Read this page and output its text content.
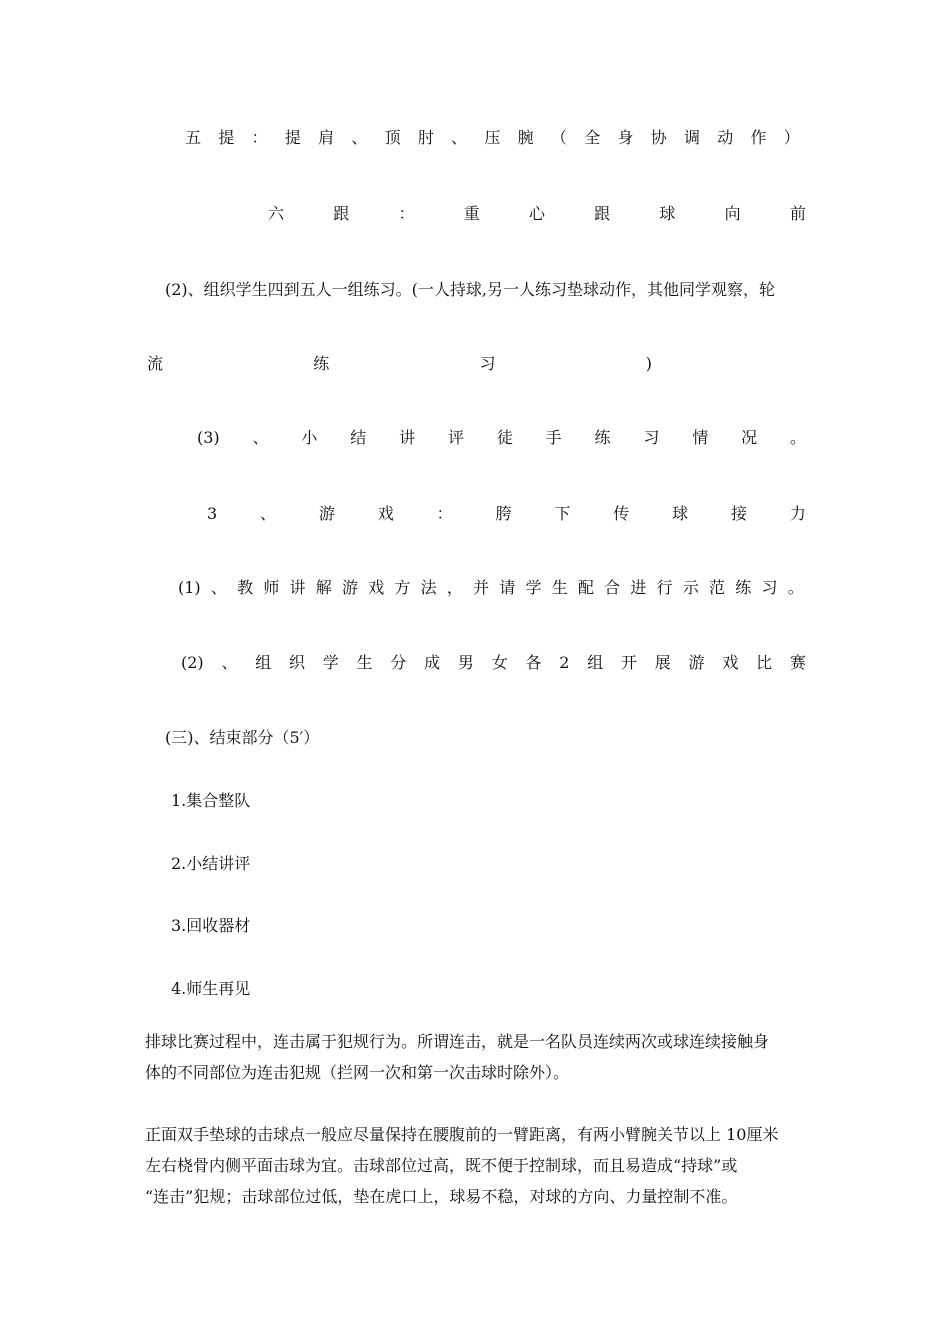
五 提 ： 提 肩 、 顶 肘 、 压 腕 （ 全 身 协 调 动 作 ）
六	跟	：	重	心	跟	球	向	前
(2)、组织学生四到五人一组练习。(一人持球,另一人练习垫球动作，其他同学观察，轮
流	练	习	)
(3) 、 小 结 讲 评 徒 手 练 习 情 况 。
3	、	游	戏	：	胯	下	传	球	接	力
(1) 、 教 师 讲 解 游 戏 方 法 ， 并 请 学 生 配 合 进 行 示 范 练 习 。
(2) 、 组 织 学 生 分 成 男 女 各 2 组 开 展 游 戏 比 赛
(三)、结束部分（5′）
1.集合整队
2.小结讲评
3.回收器材
4.师生再见
排球比赛过程中，连击属于犯规行为。所谓连击，就是一名队员连续两次或球连续接触身
体的不同部位为连击犯规（拦网一次和第一次击球时除外）。
正面双手垫球的击球点一般应尽量保持在腰腹前的一臂距离，有两小臂腕关节以上 10厘米
左右桡骨内侧平面击球为宜。击球部位过高，既不便于控制球，而且易造成“持球”或
“连击”犯规；击球部位过低，垫在虎口上，球易不稳，对球的方向、力量控制不准。
